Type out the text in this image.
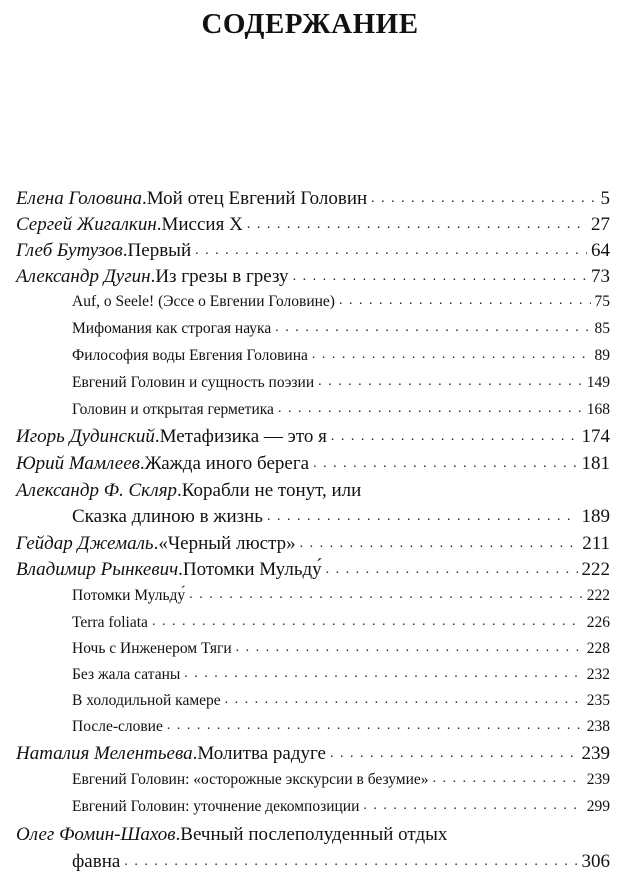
СОДЕРЖАНИЕ
Елена Головина . Мой отец Евгений Головин . . .	5
Сергей Жигалкин . Миссия Х . . .	27
Глеб Бутузов . Первый . . .	64
Александр Дугин . Из грезы в грезу . . .	73
Auf, o Seele! (Эссе о Евгении Головине) . . .	75
Мифомания как строгая наука . . .	85
Философия воды Евгения Головина . . .	89
Евгений Головин и сущность поэзии . . .	149
Головин и открытая герметика . . .	168
Игорь Дудинский . Метафизика — это я . . .	174
Юрий Мамлеев . Жажда иного берега . . .	181
Александр Ф. Скляр . Корабли не тонут, или
Сказка длиною в жизнь . . .	189
Гейдар Джемаль . «Черный люстр» . . .	211
Владимир Рынкевич . Потомки Мульду́ . . .	222
Потомки Мульду́ . . .	222
Terra foliata . . .	226
Ночь с Инженером Тяги . . .	228
Без жала сатаны . . .	232
В холодильной камере . . .	235
После-словие . . .	238
Наталия Мелентьева . Молитва радуге . . .	239
Евгений Головин: «осторожные экскурсии в безумие» . . .	239
Евгений Головин: уточнение декомпозиции . . .	299
Олег Фомин-Шахов . Вечный послеполуденный отдых
фавна . . .	306
